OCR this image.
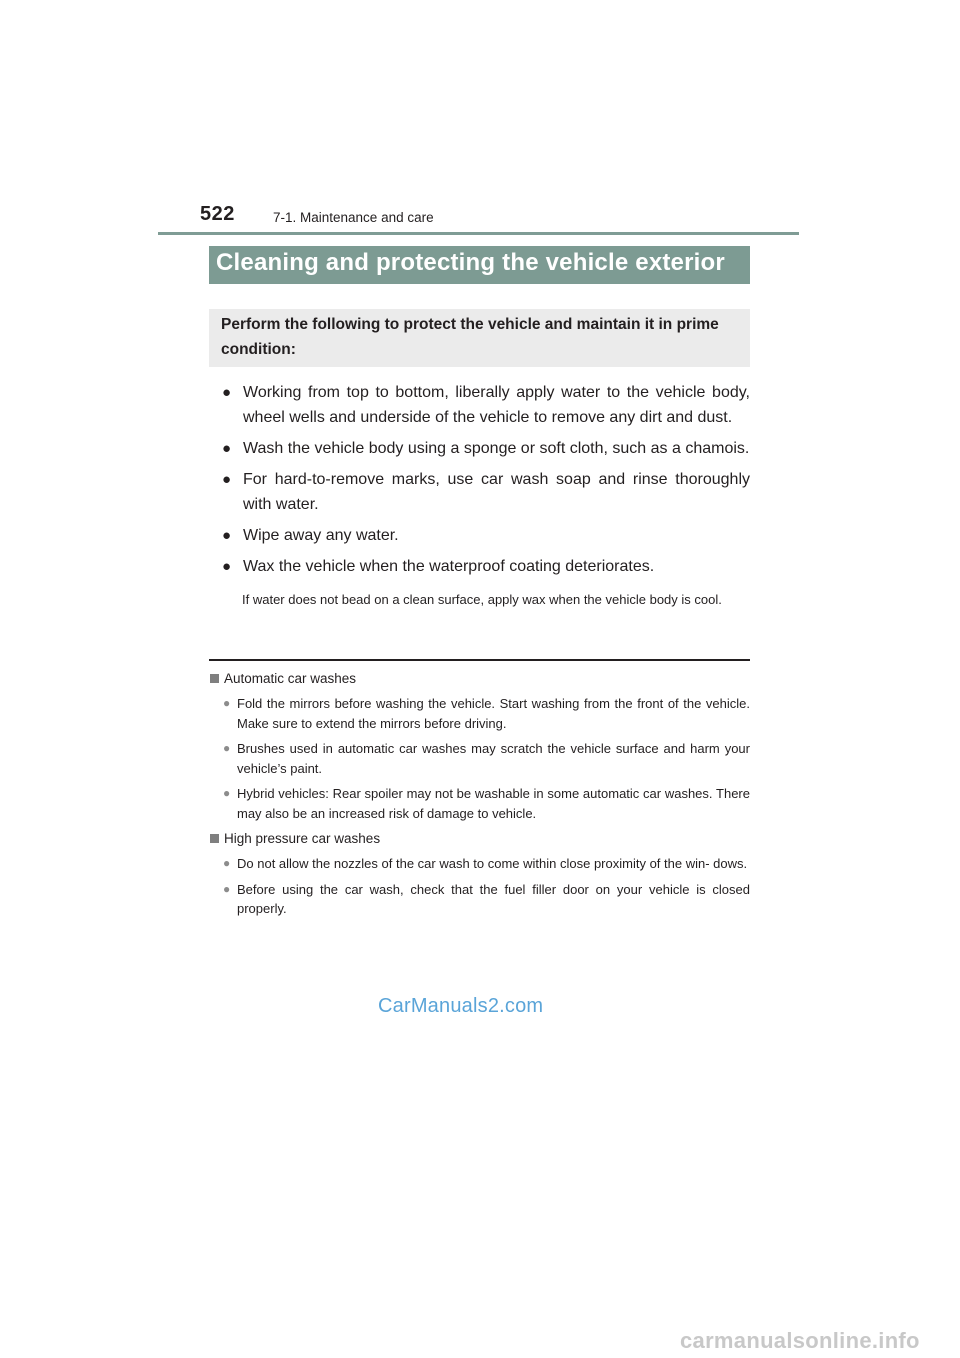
522	7-1. Maintenance and care
Cleaning and protecting the vehicle exterior
Perform the following to protect the vehicle and maintain it in prime condition:
● Working from top to bottom, liberally apply water to the vehicle body, wheel wells and underside of the vehicle to remove any dirt and dust.
● Wash the vehicle body using a sponge or soft cloth, such as a chamois.
● For hard-to-remove marks, use car wash soap and rinse thoroughly with water.
● Wipe away any water.
● Wax the vehicle when the waterproof coating deteriorates.
If water does not bead on a clean surface, apply wax when the vehicle body is cool.
Automatic car washes
● Fold the mirrors before washing the vehicle. Start washing from the front of the vehicle. Make sure to extend the mirrors before driving.
● Brushes used in automatic car washes may scratch the vehicle surface and harm your vehicle’s paint.
● Hybrid vehicles: Rear spoiler may not be washable in some automatic car washes. There may also be an increased risk of damage to vehicle.
High pressure car washes
● Do not allow the nozzles of the car wash to come within close proximity of the win- dows.
● Before using the car wash, check that the fuel filler door on your vehicle is closed properly.
CarManuals2.com
carmanualsonline.info
